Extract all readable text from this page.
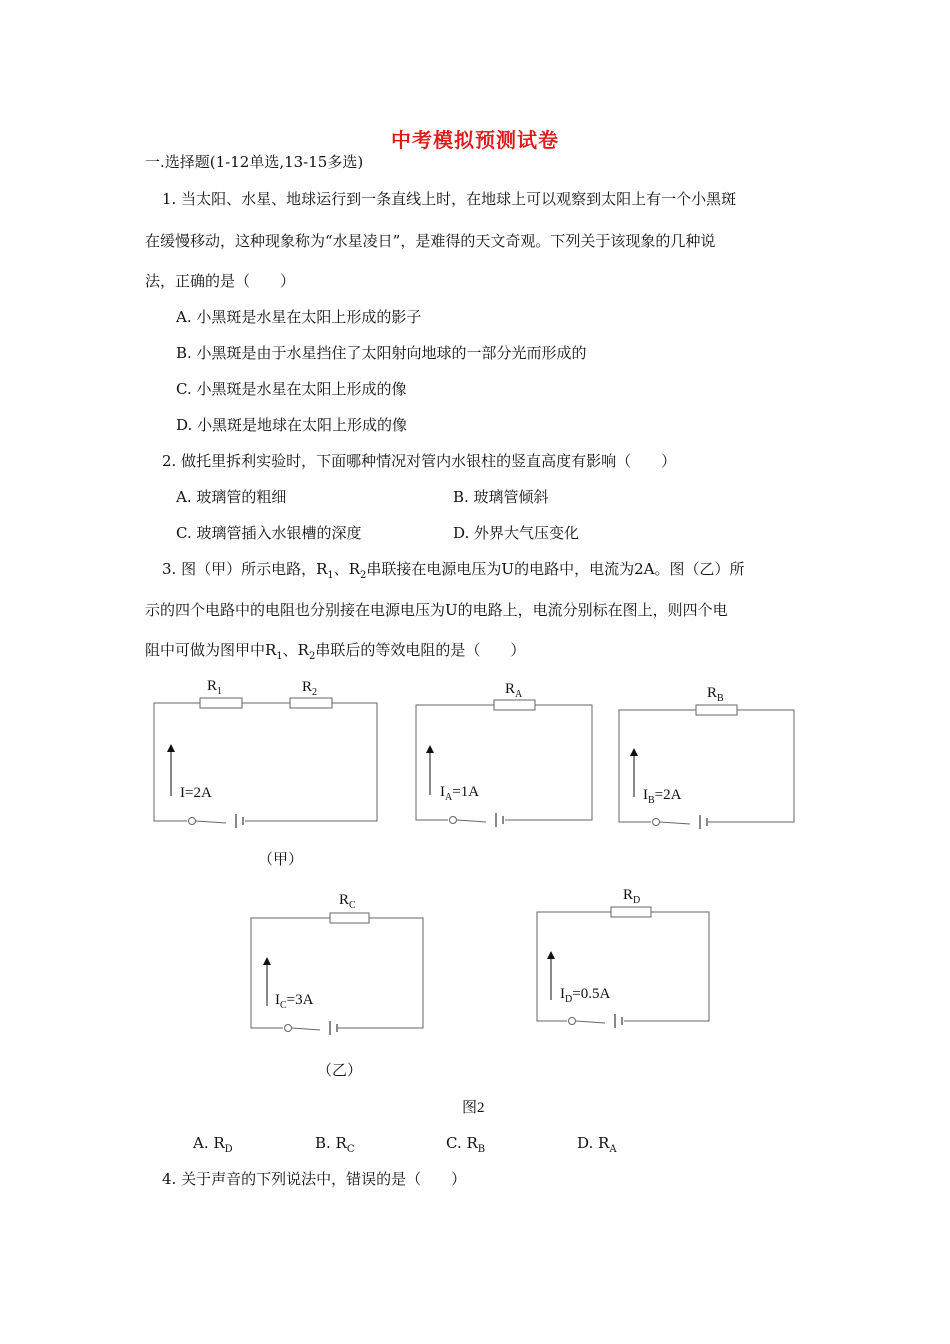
中考模拟预测试卷
一.选择题(1-12单选,13-15多选)
1. 当太阳、水星、地球运行到一条直线上时，在地球上可以观察到太阳上有一个小黑斑
在缓慢移动，这种现象称为“水星凌日”，是难得的天文奇观。下列关于该现象的几种说
法，正确的是（　　）
A. 小黑斑是水星在太阳上形成的影子
B. 小黑斑是由于水星挡住了太阳射向地球的一部分光而形成的
C. 小黑斑是水星在太阳上形成的像
D. 小黑斑是地球在太阳上形成的像
2. 做托里拆利实验时，下面哪种情况对管内水银柱的竖直高度有影响（　　）
A. 玻璃管的粗细	B. 玻璃管倾斜
C. 玻璃管插入水银槽的深度	D. 外界大气压变化
3. 图（甲）所示电路，$R_1$、$R_2$串联接在电源电压为U的电路中，电流为2A。图（乙）所
示的四个电路中的电阻也分别接在电源电压为U的电路上，电流分别标在图上，则四个电
阻中可做为图甲中$R_1$、$R_2$串联后的等效电阻的是（　　）
$R_1$	$R_2$
I=2A
（甲）
$R_A$
$I_A=1A$
$R_B$
$I_B=2A$
$R_C$
$I_C=3A$
（乙）
$R_D$
$I_D=0.5A$
图2
A. $R_D$	B. $R_C$	C. $R_B$	D. $R_A$
4. 关于声音的下列说法中，错误的是（　　）
